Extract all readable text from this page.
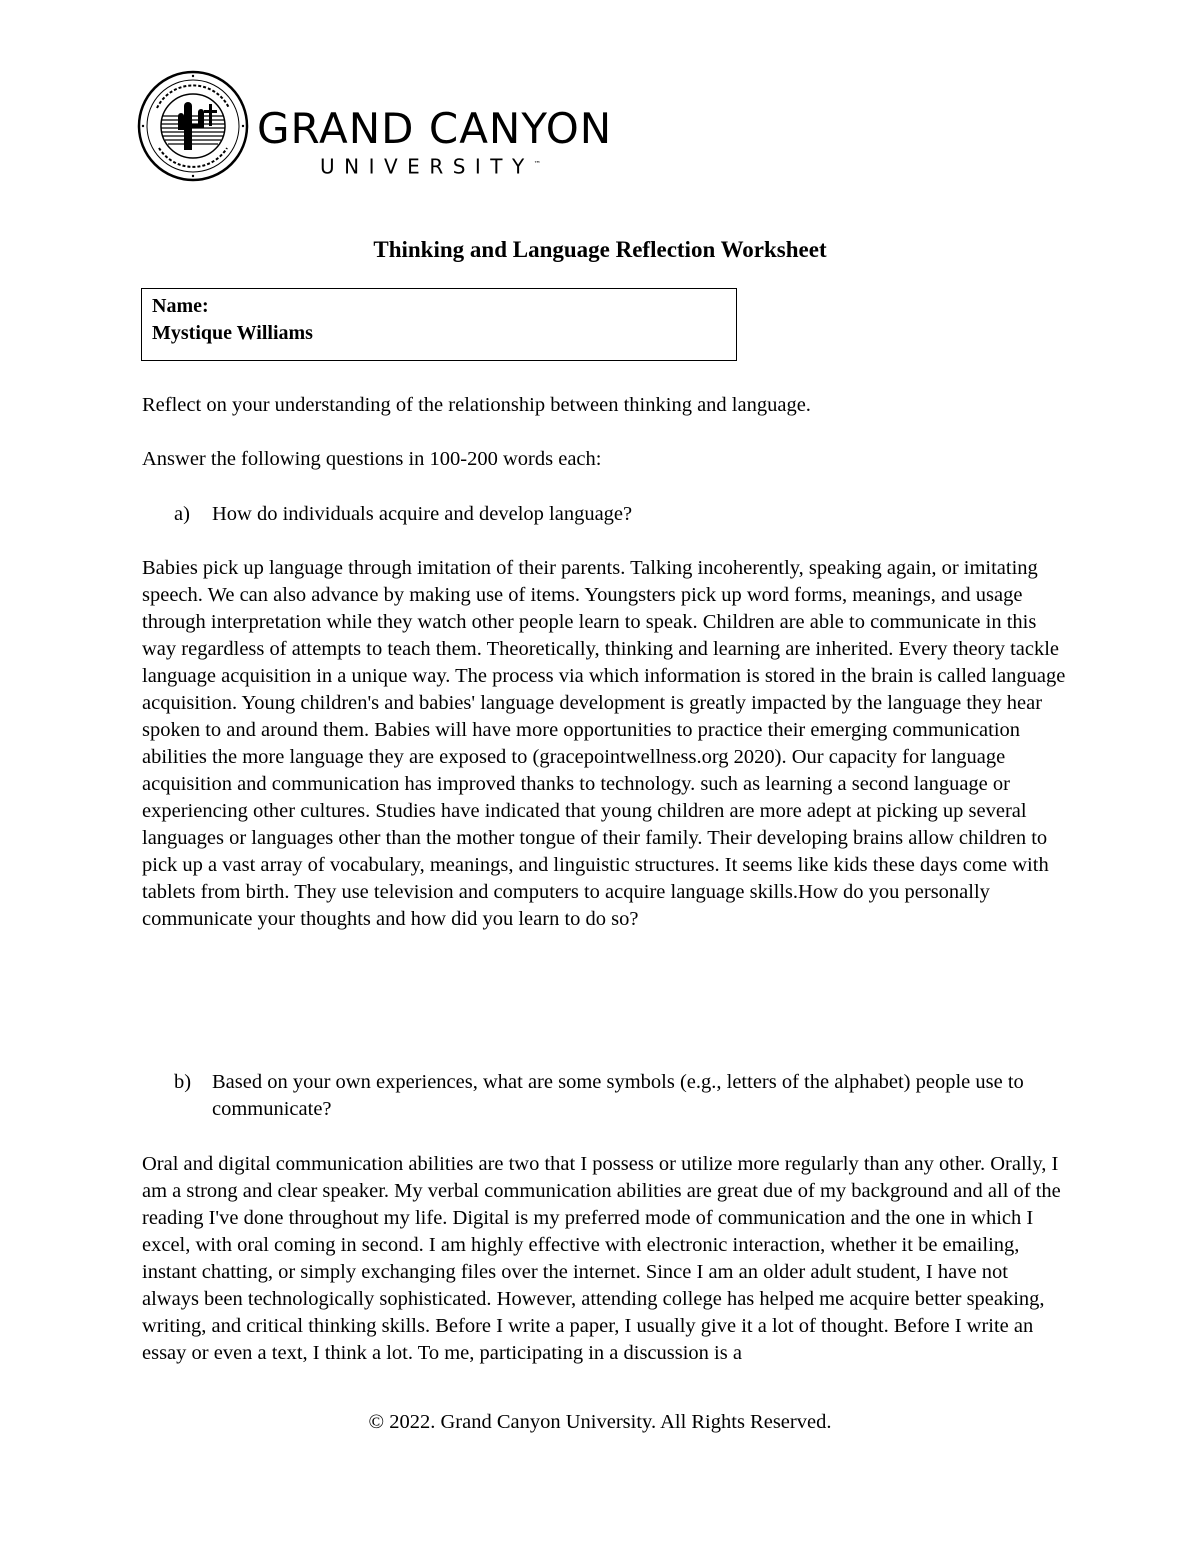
GRAND CANYON
UNIVERSITY™
Thinking and Language Reflection Worksheet
Name:
Mystique Williams
Reflect on your understanding of the relationship between thinking and language.
Answer the following questions in 100-200 words each:
a) How do individuals acquire and develop language?
Babies pick up language through imitation of their parents. Talking incoherently, speaking again, or imitating speech. We can also advance by making use of items. Youngsters pick up word forms, meanings, and usage through interpretation while they watch other people learn to speak. Children are able to communicate in this way regardless of attempts to teach them. Theoretically, thinking and learning are inherited. Every theory tackle language acquisition in a unique way. The process via which information is stored in the brain is called language acquisition. Young children's and babies' language development is greatly impacted by the language they hear spoken to and around them. Babies will have more opportunities to practice their emerging communication abilities the more language they are exposed to (gracepointwellness.org 2020). Our capacity for language acquisition and communication has improved thanks to technology. such as learning a second language or experiencing other cultures. Studies have indicated that young children are more adept at picking up several languages or languages other than the mother tongue of their family. Their developing brains allow children to pick up a vast array of vocabulary, meanings, and linguistic structures. It seems like kids these days come with tablets from birth. They use television and computers to acquire language skills.How do you personally communicate your thoughts and how did you learn to do so?
b) Based on your own experiences, what are some symbols (e.g., letters of the alphabet) people use to communicate?
Oral and digital communication abilities are two that I possess or utilize more regularly than any other. Orally, I am a strong and clear speaker. My verbal communication abilities are great due of my background and all of the reading I've done throughout my life. Digital is my preferred mode of communication and the one in which I excel, with oral coming in second. I am highly effective with electronic interaction, whether it be emailing, instant chatting, or simply exchanging files over the internet. Since I am an older adult student, I have not always been technologically sophisticated. However, attending college has helped me acquire better speaking, writing, and critical thinking skills. Before I write a paper, I usually give it a lot of thought. Before I write an essay or even a text, I think a lot. To me, participating in a discussion is a
© 2022. Grand Canyon University. All Rights Reserved.
